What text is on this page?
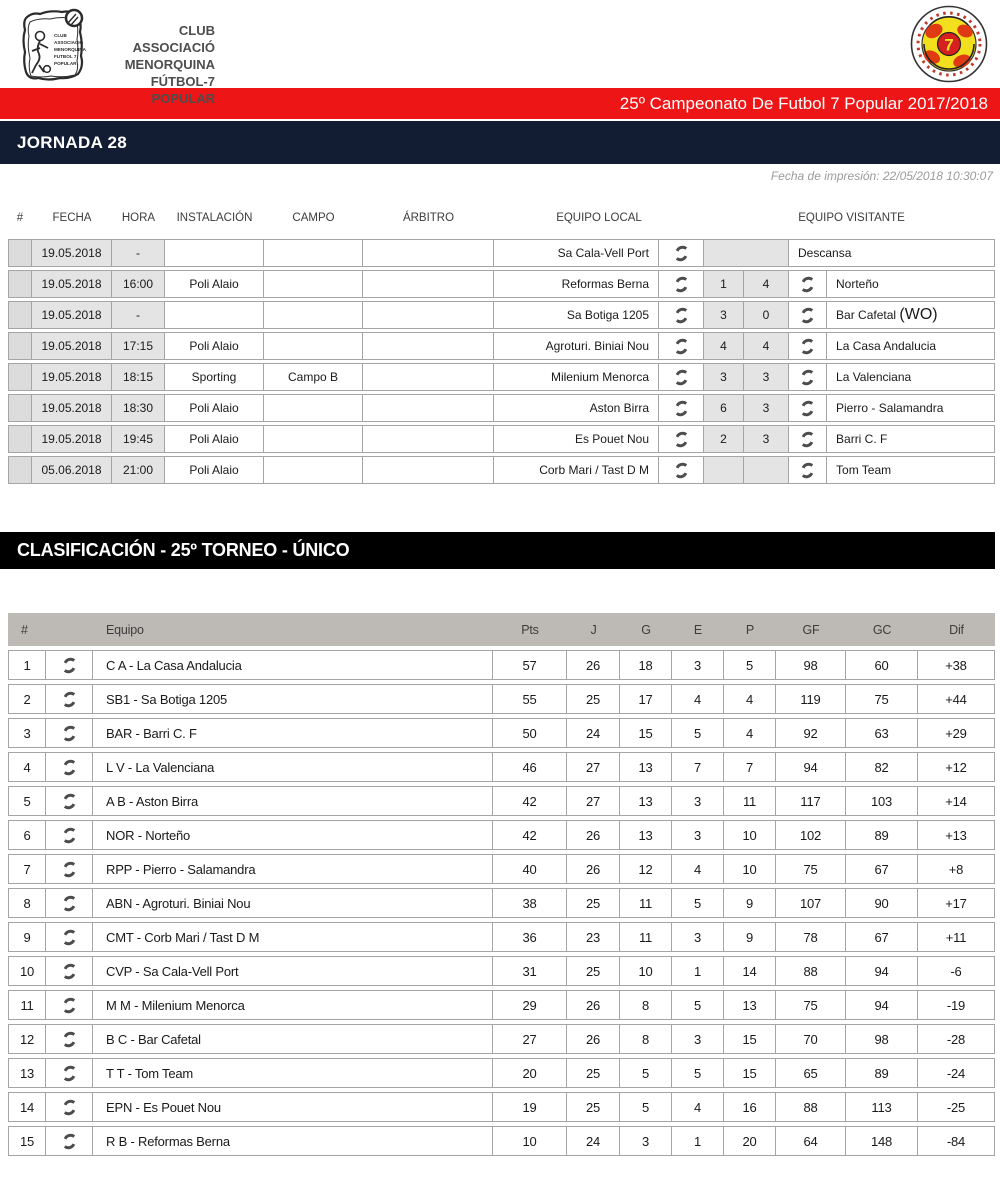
CLUB
ASSOCIACIO
MENORQUINA
FUTBOL 7
POPULAR
CLUB ASSOCIACIÓ
MENORQUINA
FÚTBOL-7 POPULAR
7
25º Campeonato De Futbol 7 Popular 2017/2018
JORNADA 28
Fecha de impresión: 22/05/2018 10:30:07
#	FECHA	HORA	INSTALACIÓN	CAMPO	ÁRBITRO	EQUIPO LOCAL		EQUIPO VISITANTE			
	19.05.2018	-				Sa Cala-Vell Port				Descansa	
	19.05.2018	16:00	Poli Alaio			Reformas Berna		1	4		Norteño
	19.05.2018	-				Sa Botiga 1205		3	0		Bar Cafetal (WO)
	19.05.2018	17:15	Poli Alaio			Agroturi. Biniai Nou		4	4		La Casa Andalucia
	19.05.2018	18:15	Sporting	Campo B		Milenium Menorca		3	3		La Valenciana
	19.05.2018	18:30	Poli Alaio			Aston Birra		6	3		Pierro - Salamandra
	19.05.2018	19:45	Poli Alaio			Es Pouet Nou		2	3		Barri C. F
	05.06.2018	21:00	Poli Alaio			Corb Mari / Tast D M					Tom Team
CLASIFICACIÓN - 25º TORNEO - ÚNICO
#		Equipo	Pts	J	G	E	P	GF	GC	Dif
1		C A - La Casa Andalucia	57	26	18	3	5	98	60	+38
2		SB1 - Sa Botiga 1205	55	25	17	4	4	119	75	+44
3		BAR - Barri C. F	50	24	15	5	4	92	63	+29
4		L V - La Valenciana	46	27	13	7	7	94	82	+12
5		A B - Aston Birra	42	27	13	3	11	117	103	+14
6		NOR - Norteño	42	26	13	3	10	102	89	+13
7		RPP - Pierro - Salamandra	40	26	12	4	10	75	67	+8
8		ABN - Agroturi. Biniai Nou	38	25	11	5	9	107	90	+17
9		CMT - Corb Mari / Tast D M	36	23	11	3	9	78	67	+11
10		CVP - Sa Cala-Vell Port	31	25	10	1	14	88	94	-6
11		M M - Milenium Menorca	29	26	8	5	13	75	94	-19
12		B C - Bar Cafetal	27	26	8	3	15	70	98	-28
13		T T - Tom Team	20	25	5	5	15	65	89	-24
14		EPN - Es Pouet Nou	19	25	5	4	16	88	113	-25
15		R B - Reformas Berna	10	24	3	1	20	64	148	-84
